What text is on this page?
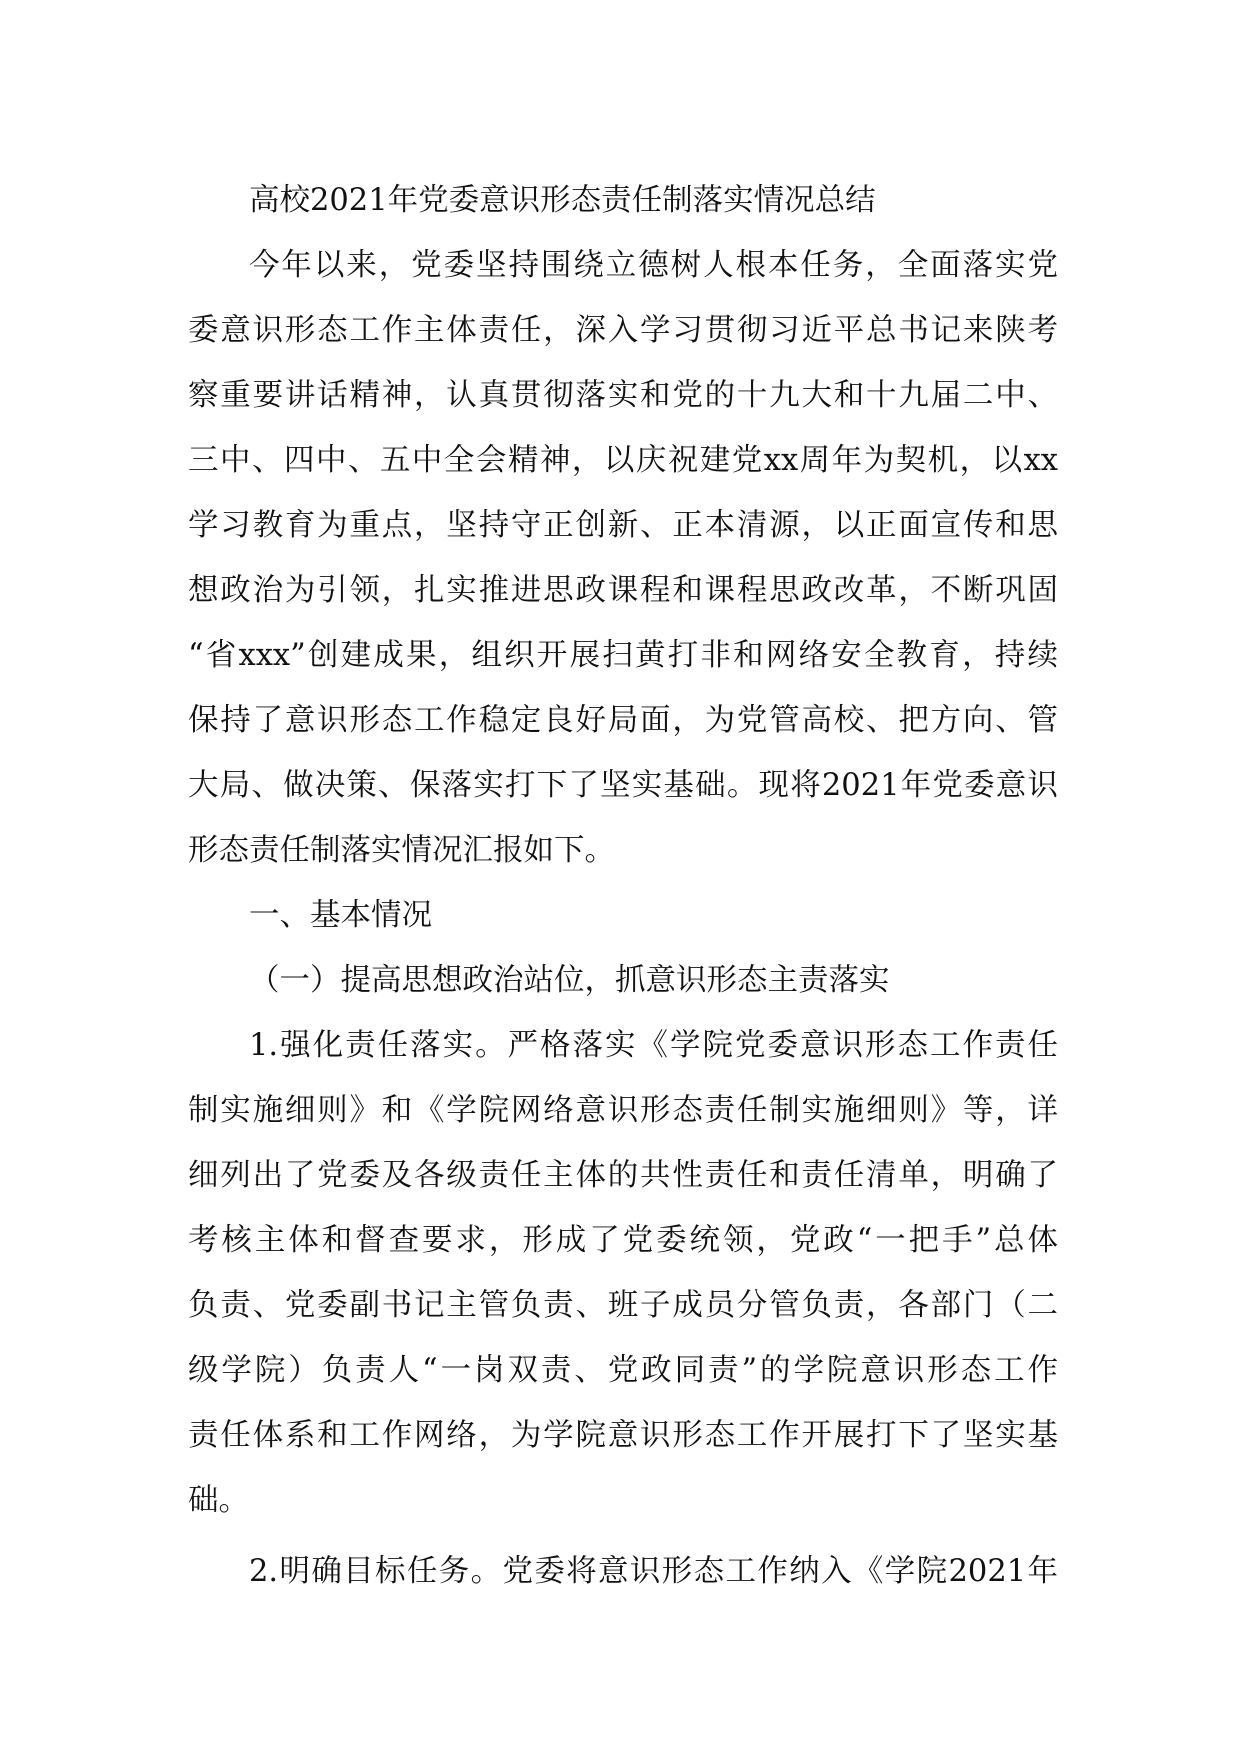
高校2021年党委意识形态责任制落实情况总结
今年以来，党委坚持围绕立德树人根本任务，全面落实党
委意识形态工作主体责任，深入学习贯彻习近平总书记来陕考
察重要讲话精神，认真贯彻落实和党的十九大和十九届二中、
三中、四中、五中全会精神，以庆祝建党xx周年为契机，以xx
学习教育为重点，坚持守正创新、正本清源，以正面宣传和思
想政治为引领，扎实推进思政课程和课程思政改革，不断巩固
“省xxx”创建成果，组织开展扫黄打非和网络安全教育，持续
保持了意识形态工作稳定良好局面，为党管高校、把方向、管
大局、做决策、保落实打下了坚实基础。现将2021年党委意识
形态责任制落实情况汇报如下。
一、基本情况
（一）提高思想政治站位，抓意识形态主责落实
1.强化责任落实。严格落实《学院党委意识形态工作责任
制实施细则》和《学院网络意识形态责任制实施细则》等，详
细列出了党委及各级责任主体的共性责任和责任清单，明确了
考核主体和督查要求，形成了党委统领，党政“一把手”总体
负责、党委副书记主管负责、班子成员分管负责，各部门（二
级学院）负责人“一岗双责、党政同责”的学院意识形态工作
责任体系和工作网络，为学院意识形态工作开展打下了坚实基
础。
2.明确目标任务。党委将意识形态工作纳入《学院2021年
